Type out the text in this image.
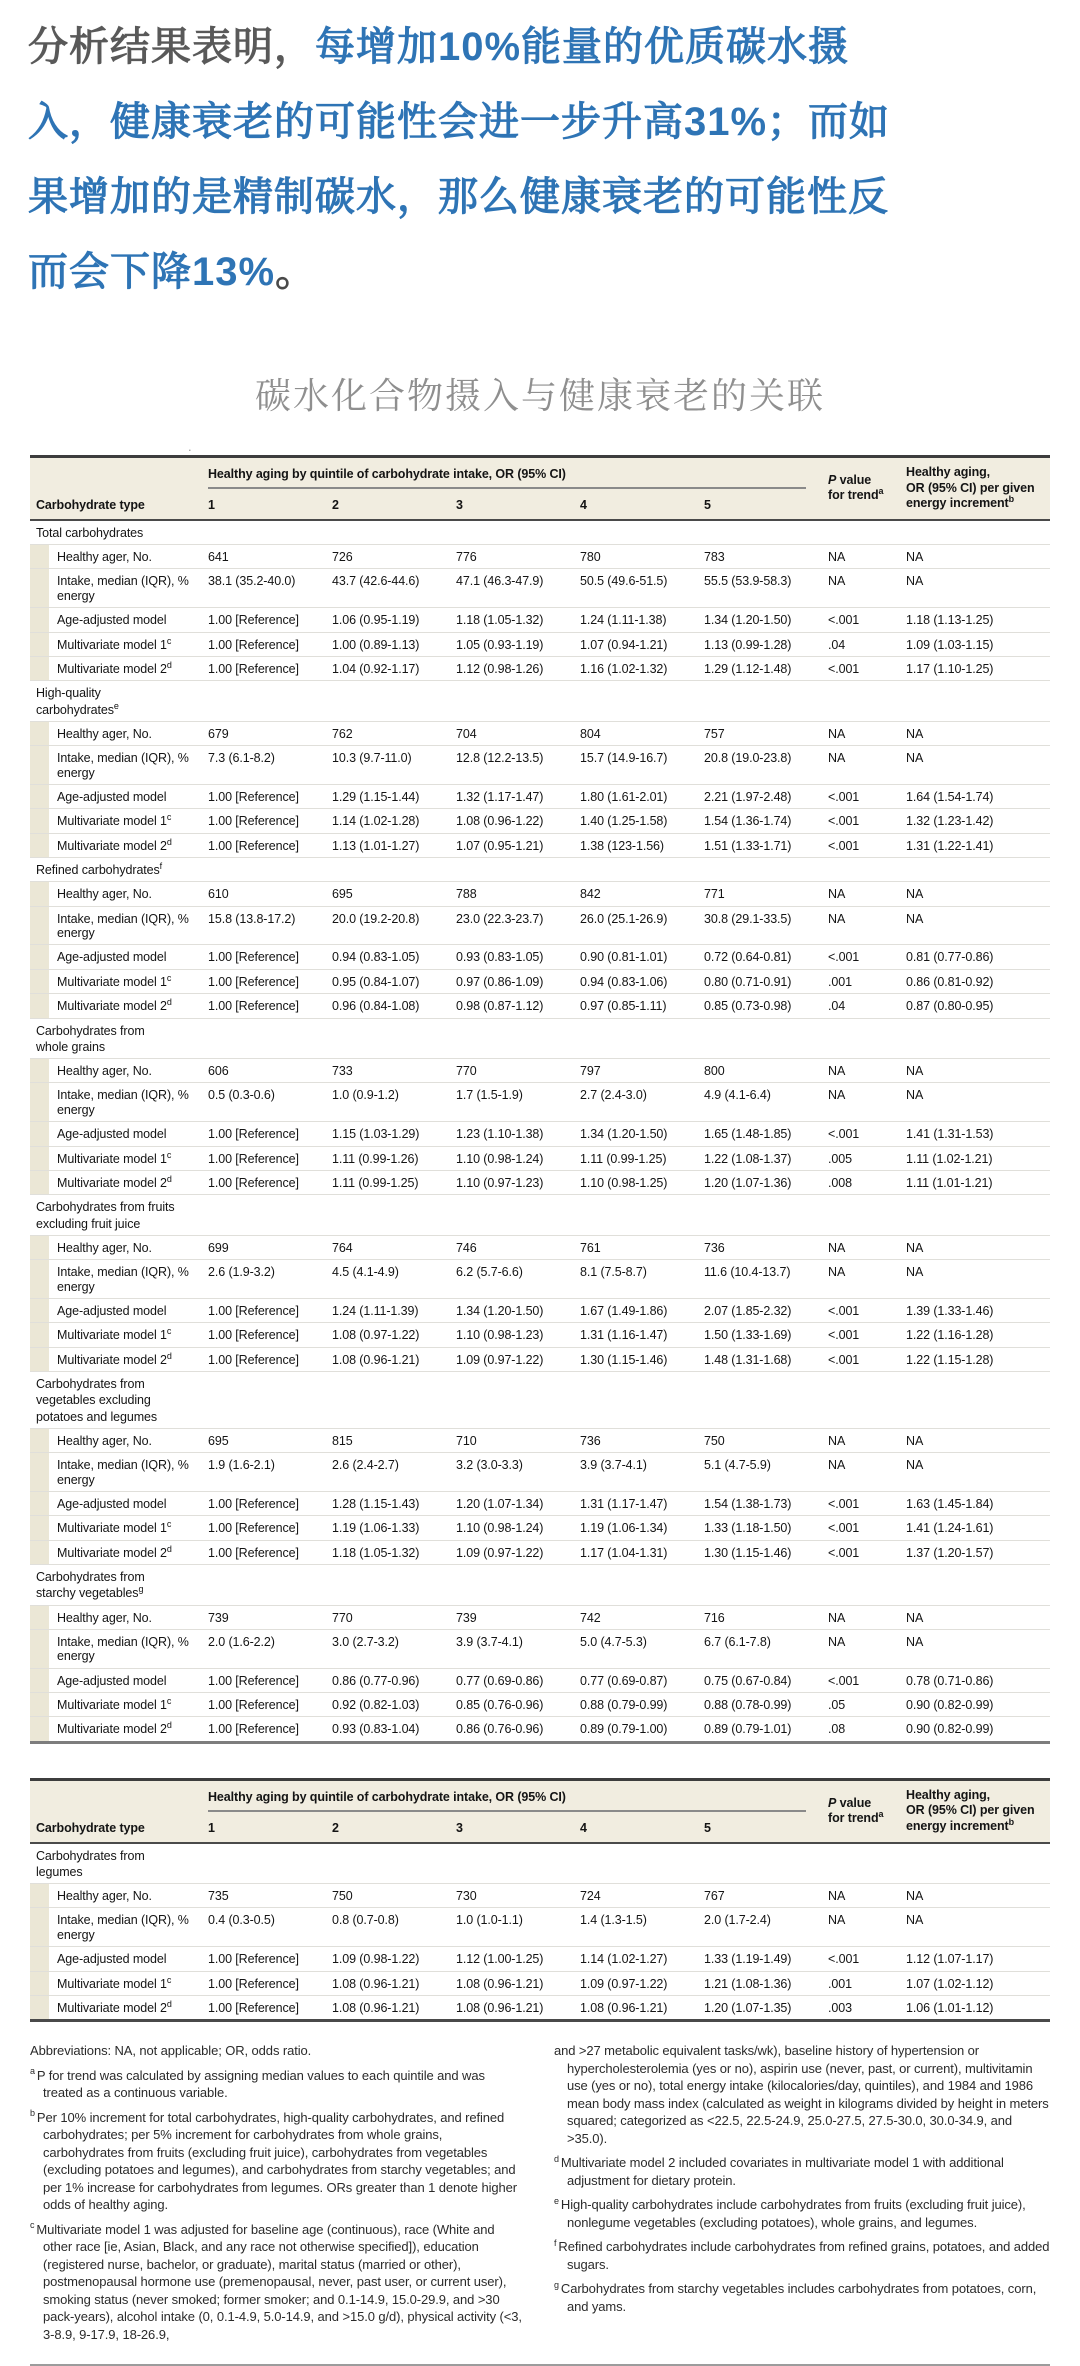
分析结果表明，每增加10%能量的优质碳水摄
入，健康衰老的可能性会进一步升高31%；而如
果增加的是精制碳水，那么健康衰老的可能性反
而会下降13%。
碳水化合物摄入与健康衰老的关联
.
Carbohydrate type	Healthy aging by quintile of carbohydrate intake, OR (95% CI)					P value
for trend$^a$	Healthy aging,
OR (95% CI) per given energy increment$^b$
	1	2	3	4	5		

Total carbohydrates							

Healthy ager, No.	641	726	776	780	783	NA	NA
Intake, median (IQR), % energy	38.1 (35.2-40.0)	43.7 (42.6-44.6)	47.1 (46.3-47.9)	50.5 (49.6-51.5)	55.5 (53.9-58.3)	NA	NA
Age-adjusted model	1.00 [Reference]	1.06 (0.95-1.19)	1.18 (1.05-1.32)	1.24 (1.11-1.38)	1.34 (1.20-1.50)	<.001	1.18 (1.13-1.25)
Multivariate model 1$^c$	1.00 [Reference]	1.00 (0.89-1.13)	1.05 (0.93-1.19)	1.07 (0.94-1.21)	1.13 (0.99-1.28)	.04	1.09 (1.03-1.15)
Multivariate model 2$^d$	1.00 [Reference]	1.04 (0.92-1.17)	1.12 (0.98-1.26)	1.16 (1.02-1.32)	1.29 (1.12-1.48)	<.001	1.17 (1.10-1.25)

High-quality carbohydrates$^e$

Healthy ager, No.	679	762	704	804	757	NA	NA
Intake, median (IQR), % energy	7.3 (6.1-8.2)	10.3 (9.7-11.0)	12.8 (12.2-13.5)	15.7 (14.9-16.7)	20.8 (19.0-23.8)	NA	NA
Age-adjusted model	1.00 [Reference]	1.29 (1.15-1.44)	1.32 (1.17-1.47)	1.80 (1.61-2.01)	2.21 (1.97-2.48)	<.001	1.64 (1.54-1.74)
Multivariate model 1$^c$	1.00 [Reference]	1.14 (1.02-1.28)	1.08 (0.96-1.22)	1.40 (1.25-1.58)	1.54 (1.36-1.74)	<.001	1.32 (1.23-1.42)
Multivariate model 2$^d$	1.00 [Reference]	1.13 (1.01-1.27)	1.07 (0.95-1.21)	1.38 (123-1.56)	1.51 (1.33-1.71)	<.001	1.31 (1.22-1.41)

Refined carbohydrates$^f$

Healthy ager, No.	610	695	788	842	771	NA	NA
Intake, median (IQR), % energy	15.8 (13.8-17.2)	20.0 (19.2-20.8)	23.0 (22.3-23.7)	26.0 (25.1-26.9)	30.8 (29.1-33.5)	NA	NA
Age-adjusted model	1.00 [Reference]	0.94 (0.83-1.05)	0.93 (0.83-1.05)	0.90 (0.81-1.01)	0.72 (0.64-0.81)	<.001	0.81 (0.77-0.86)
Multivariate model 1$^c$	1.00 [Reference]	0.95 (0.84-1.07)	0.97 (0.86-1.09)	0.94 (0.83-1.06)	0.80 (0.71-0.91)	.001	0.86 (0.81-0.92)
Multivariate model 2$^d$	1.00 [Reference]	0.96 (0.84-1.08)	0.98 (0.87-1.12)	0.97 (0.85-1.11)	0.85 (0.73-0.98)	.04	0.87 (0.80-0.95)

Carbohydrates from whole grains							

Healthy ager, No.	606	733	770	797	800	NA	NA
Intake, median (IQR), % energy	0.5 (0.3-0.6)	1.0 (0.9-1.2)	1.7 (1.5-1.9)	2.7 (2.4-3.0)	4.9 (4.1-6.4)	NA	NA
Age-adjusted model	1.00 [Reference]	1.15 (1.03-1.29)	1.23 (1.10-1.38)	1.34 (1.20-1.50)	1.65 (1.48-1.85)	<.001	1.41 (1.31-1.53)
Multivariate model 1$^c$	1.00 [Reference]	1.11 (0.99-1.26)	1.10 (0.98-1.24)	1.11 (0.99-1.25)	1.22 (1.08-1.37)	.005	1.11 (1.02-1.21)
Multivariate model 2$^d$	1.00 [Reference]	1.11 (0.99-1.25)	1.10 (0.97-1.23)	1.10 (0.98-1.25)	1.20 (1.07-1.36)	.008	1.11 (1.01-1.21)

Carbohydrates from fruits excluding fruit juice							

Healthy ager, No.	699	764	746	761	736	NA	NA
Intake, median (IQR), % energy	2.6 (1.9-3.2)	4.5 (4.1-4.9)	6.2 (5.7-6.6)	8.1 (7.5-8.7)	11.6 (10.4-13.7)	NA	NA
Age-adjusted model	1.00 [Reference]	1.24 (1.11-1.39)	1.34 (1.20-1.50)	1.67 (1.49-1.86)	2.07 (1.85-2.32)	<.001	1.39 (1.33-1.46)
Multivariate model 1$^c$	1.00 [Reference]	1.08 (0.97-1.22)	1.10 (0.98-1.23)	1.31 (1.16-1.47)	1.50 (1.33-1.69)	<.001	1.22 (1.16-1.28)
Multivariate model 2$^d$	1.00 [Reference]	1.08 (0.96-1.21)	1.09 (0.97-1.22)	1.30 (1.15-1.46)	1.48 (1.31-1.68)	<.001	1.22 (1.15-1.28)

Carbohydrates from vegetables excluding potatoes and legumes							

Healthy ager, No.	695	815	710	736	750	NA	NA
Intake, median (IQR), % energy	1.9 (1.6-2.1)	2.6 (2.4-2.7)	3.2 (3.0-3.3)	3.9 (3.7-4.1)	5.1 (4.7-5.9)	NA	NA
Age-adjusted model	1.00 [Reference]	1.28 (1.15-1.43)	1.20 (1.07-1.34)	1.31 (1.17-1.47)	1.54 (1.38-1.73)	<.001	1.63 (1.45-1.84)
Multivariate model 1$^c$	1.00 [Reference]	1.19 (1.06-1.33)	1.10 (0.98-1.24)	1.19 (1.06-1.34)	1.33 (1.18-1.50)	<.001	1.41 (1.24-1.61)
Multivariate model 2$^d$	1.00 [Reference]	1.18 (1.05-1.32)	1.09 (0.97-1.22)	1.17 (1.04-1.31)	1.30 (1.15-1.46)	<.001	1.37 (1.20-1.57)

Carbohydrates from starchy vegetables$^g$

Healthy ager, No.	739	770	739	742	716	NA	NA
Intake, median (IQR), % energy	2.0 (1.6-2.2)	3.0 (2.7-3.2)	3.9 (3.7-4.1)	5.0 (4.7-5.3)	6.7 (6.1-7.8)	NA	NA
Age-adjusted model	1.00 [Reference]	0.86 (0.77-0.96)	0.77 (0.69-0.86)	0.77 (0.69-0.87)	0.75 (0.67-0.84)	<.001	0.78 (0.71-0.86)
Multivariate model 1$^c$	1.00 [Reference]	0.92 (0.82-1.03)	0.85 (0.76-0.96)	0.88 (0.79-0.99)	0.88 (0.78-0.99)	.05	0.90 (0.82-0.99)
Multivariate model 2$^d$	1.00 [Reference]	0.93 (0.83-1.04)	0.86 (0.76-0.96)	0.89 (0.79-1.00)	0.89 (0.79-1.01)	.08	0.90 (0.82-0.99)
Carbohydrate type	Healthy aging by quintile of carbohydrate intake, OR (95% CI)					P value
for trend$^a$	Healthy aging,
OR (95% CI) per given energy increment$^b$
	1	2	3	4	5		

Carbohydrates from legumes							

Healthy ager, No.	735	750	730	724	767	NA	NA
Intake, median (IQR), % energy	0.4 (0.3-0.5)	0.8 (0.7-0.8)	1.0 (1.0-1.1)	1.4 (1.3-1.5)	2.0 (1.7-2.4)	NA	NA
Age-adjusted model	1.00 [Reference]	1.09 (0.98-1.22)	1.12 (1.00-1.25)	1.14 (1.02-1.27)	1.33 (1.19-1.49)	<.001	1.12 (1.07-1.17)
Multivariate model 1$^c$	1.00 [Reference]	1.08 (0.96-1.21)	1.08 (0.96-1.21)	1.09 (0.97-1.22)	1.21 (1.08-1.36)	.001	1.07 (1.02-1.12)
Multivariate model 2$^d$	1.00 [Reference]	1.08 (0.96-1.21)	1.08 (0.96-1.21)	1.08 (0.96-1.21)	1.20 (1.07-1.35)	.003	1.06 (1.01-1.12)
Abbreviations: NA, not applicable; OR, odds ratio.
$^a$ P for trend was calculated by assigning median values to each quintile and was treated as a continuous variable.
$^b$ Per 10% increment for total carbohydrates, high-quality carbohydrates, and refined carbohydrates; per 5% increment for carbohydrates from whole grains, carbohydrates from fruits (excluding fruit juice), carbohydrates from vegetables (excluding potatoes and legumes), and carbohydrates from starchy vegetables; and per 1% increase for carbohydrates from legumes. ORs greater than 1 denote higher odds of healthy aging.
$^c$ Multivariate model 1 was adjusted for baseline age (continuous), race (White and other race [ie, Asian, Black, and any race not otherwise specified]), education (registered nurse, bachelor, or graduate), marital status (married or other), postmenopausal hormone use (premenopausal, never, past user, or current user), smoking status (never smoked; former smoker; and 0.1-14.9, 15.0-29.9, and >30 pack-years), alcohol intake (0, 0.1-4.9, 5.0-14.9, and >15.0 g/d), physical activity (<3, 3-8.9, 9-17.9, 18-26.9,
and >27 metabolic equivalent tasks/wk), baseline history of hypertension or hypercholesterolemia (yes or no), aspirin use (never, past, or current), multivitamin use (yes or no), total energy intake (kilocalories/day, quintiles), and 1984 and 1986 mean body mass index (calculated as weight in kilograms divided by height in meters squared; categorized as <22.5, 22.5-24.9, 25.0-27.5, 27.5-30.0, 30.0-34.9, and >35.0).
$^d$ Multivariate model 2 included covariates in multivariate model 1 with additional adjustment for dietary protein.
$^e$ High-quality carbohydrates include carbohydrates from fruits (excluding fruit juice), nonlegume vegetables (excluding potatoes), whole grains, and legumes.
$^f$ Refined carbohydrates include carbohydrates from refined grains, potatoes, and added sugars.
$^g$ Carbohydrates from starchy vegetables includes carbohydrates from potatoes, corn, and yams.
